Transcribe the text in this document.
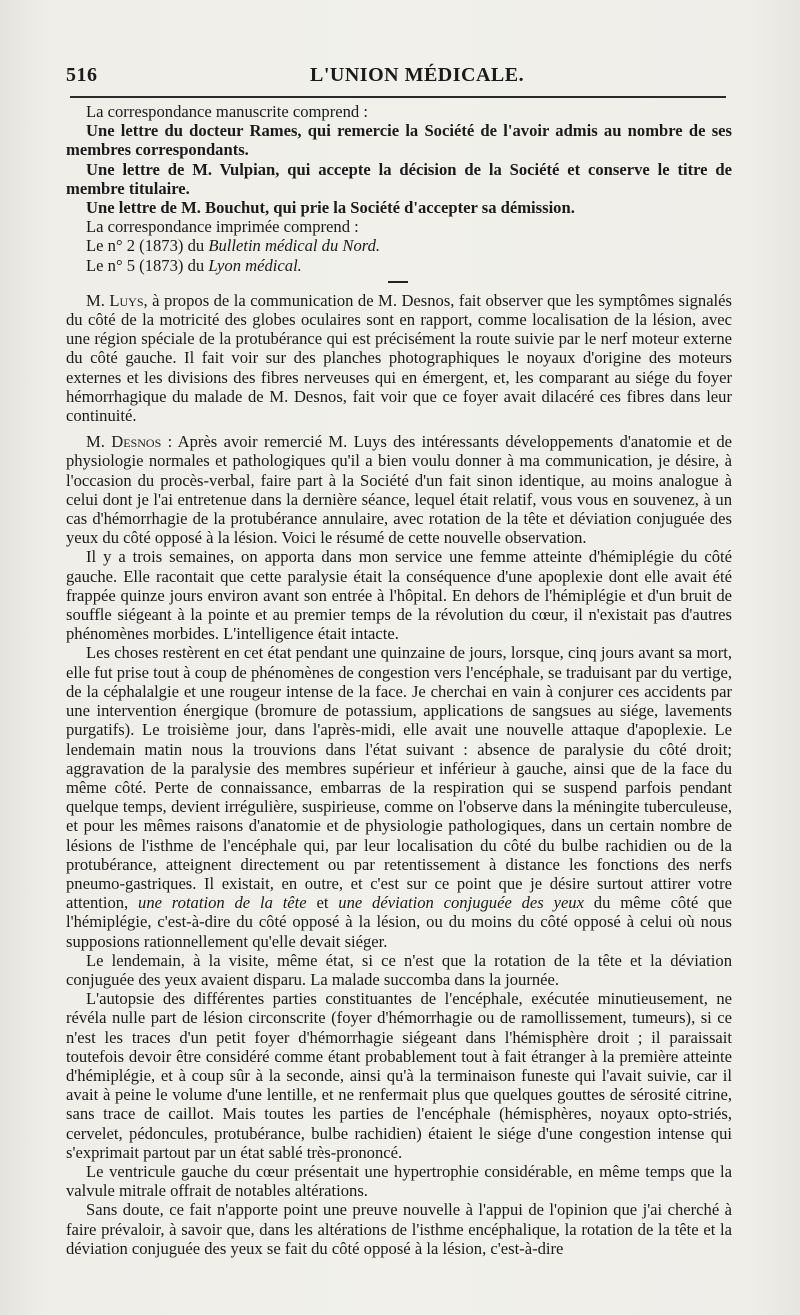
516	L'UNION MÉDICALE.

La correspondance manuscrite comprend :

Une lettre du docteur Rames, qui remercie la Société de l'avoir admis au nombre de ses membres correspondants.

Une lettre de M. Vulpian, qui accepte la décision de la Société et conserve le titre de membre titulaire.

Une lettre de M. Bouchut, qui prie la Société d'accepter sa démission.

La correspondance imprimée comprend :

Le n° 2 (1873) du Bulletin médical du Nord.

Le n° 5 (1873) du Lyon médical.

M. Luys, à propos de la communication de M. Desnos, fait observer que les symptômes signalés du côté de la motricité des globes oculaires sont en rapport, comme localisation de la lésion, avec une région spéciale de la protubérance qui est précisément la route suivie par le nerf moteur externe du côté gauche. Il fait voir sur des planches photographiques le noyaux d'origine des moteurs externes et les divisions des fibres nerveuses qui en émergent, et, les comparant au siége du foyer hémorrhagique du malade de M. Desnos, fait voir que ce foyer avait dilacéré ces fibres dans leur continuité.

M. Desnos : Après avoir remercié M. Luys des intéressants développements d'anatomie et de physiologie normales et pathologiques qu'il a bien voulu donner à ma communication, je désire, à l'occasion du procès-verbal, faire part à la Société d'un fait sinon identique, au moins analogue à celui dont je l'ai entretenue dans la dernière séance, lequel était relatif, vous vous en souvenez, à un cas d'hémorrhagie de la protubérance annulaire, avec rotation de la tête et déviation conjuguée des yeux du côté opposé à la lésion. Voici le résumé de cette nouvelle observation.

Il y a trois semaines, on apporta dans mon service une femme atteinte d'hémiplégie du côté gauche. Elle racontait que cette paralysie était la conséquence d'une apoplexie dont elle avait été frappée quinze jours environ avant son entrée à l'hôpital. En dehors de l'hémiplégie et d'un bruit de souffle siégeant à la pointe et au premier temps de la révolution du cœur, il n'existait pas d'autres phénomènes morbides. L'intelligence était intacte.

Les choses restèrent en cet état pendant une quinzaine de jours, lorsque, cinq jours avant sa mort, elle fut prise tout à coup de phénomènes de congestion vers l'encéphale, se traduisant par du vertige, de la céphalalgie et une rougeur intense de la face. Je cherchai en vain à conjurer ces accidents par une intervention énergique (bromure de potassium, applications de sangsues au siége, lavements purgatifs). Le troisième jour, dans l'après-midi, elle avait une nouvelle attaque d'apoplexie. Le lendemain matin nous la trouvions dans l'état suivant : absence de paralysie du côté droit; aggravation de la paralysie des membres supérieur et inférieur à gauche, ainsi que de la face du même côté. Perte de connaissance, embarras de la respiration qui se suspend parfois pendant quelque temps, devient irrégulière, suspirieuse, comme on l'observe dans la méningite tuberculeuse, et pour les mêmes raisons d'anatomie et de physiologie pathologiques, dans un certain nombre de lésions de l'isthme de l'encéphale qui, par leur localisation du côté du bulbe rachidien ou de la protubérance, atteignent directement ou par retentissement à distance les fonctions des nerfs pneumo-gastriques. Il existait, en outre, et c'est sur ce point que je désire surtout attirer votre attention, une rotation de la tête et une déviation conjuguée des yeux du même côté que l'hémiplégie, c'est-à-dire du côté opposé à la lésion, ou du moins du côté opposé à celui où nous supposions rationnellement qu'elle devait siéger.

Le lendemain, à la visite, même état, si ce n'est que la rotation de la tête et la déviation conjuguée des yeux avaient disparu. La malade succomba dans la journée.

L'autopsie des différentes parties constituantes de l'encéphale, exécutée minutieusement, ne révéla nulle part de lésion circonscrite (foyer d'hémorrhagie ou de ramollissement, tumeurs), si ce n'est les traces d'un petit foyer d'hémorrhagie siégeant dans l'hémisphère droit ; il paraissait toutefois devoir être considéré comme étant probablement tout à fait étranger à la première atteinte d'hémiplégie, et à coup sûr à la seconde, ainsi qu'à la terminaison funeste qui l'avait suivie, car il avait à peine le volume d'une lentille, et ne renfermait plus que quelques gouttes de sérosité citrine, sans trace de caillot. Mais toutes les parties de l'encéphale (hémisphères, noyaux opto-striés, cervelet, pédoncules, protubérance, bulbe rachidien) étaient le siége d'une congestion intense qui s'exprimait partout par un état sablé très-prononcé.

Le ventricule gauche du cœur présentait une hypertrophie considérable, en même temps que la valvule mitrale offrait de notables altérations.

Sans doute, ce fait n'apporte point une preuve nouvelle à l'appui de l'opinion que j'ai cherché à faire prévaloir, à savoir que, dans les altérations de l'isthme encéphalique, la rotation de la tête et la déviation conjuguée des yeux se fait du côté opposé à la lésion, c'est-à-dire
